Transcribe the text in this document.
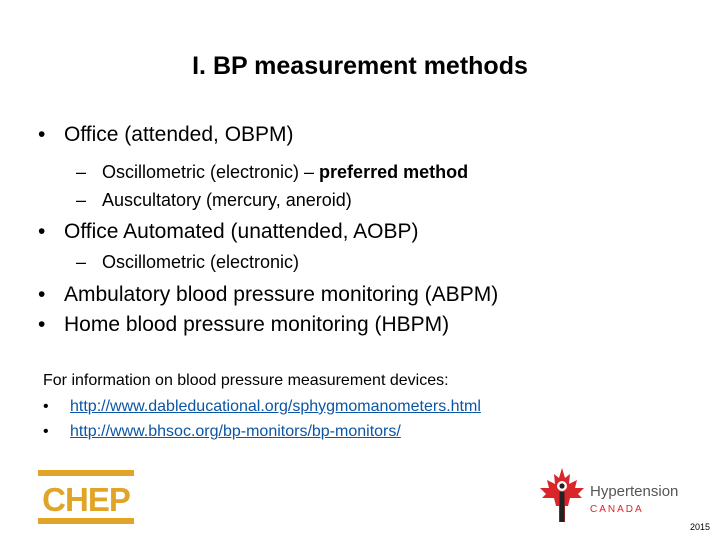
I. BP measurement methods
• Office (attended, OBPM)
– Oscillometric (electronic) – preferred method
– Auscultatory (mercury, aneroid)
• Office Automated (unattended, AOBP)
– Oscillometric (electronic)
• Ambulatory blood pressure monitoring (ABPM)
• Home blood pressure monitoring (HBPM)
For information on blood pressure measurement devices:
• http://www.dableducational.org/sphygmomanometers.html
• http://www.bhsoc.org/bp-monitors/bp-monitors/
CHEP	Hypertension
CANADA
2015
